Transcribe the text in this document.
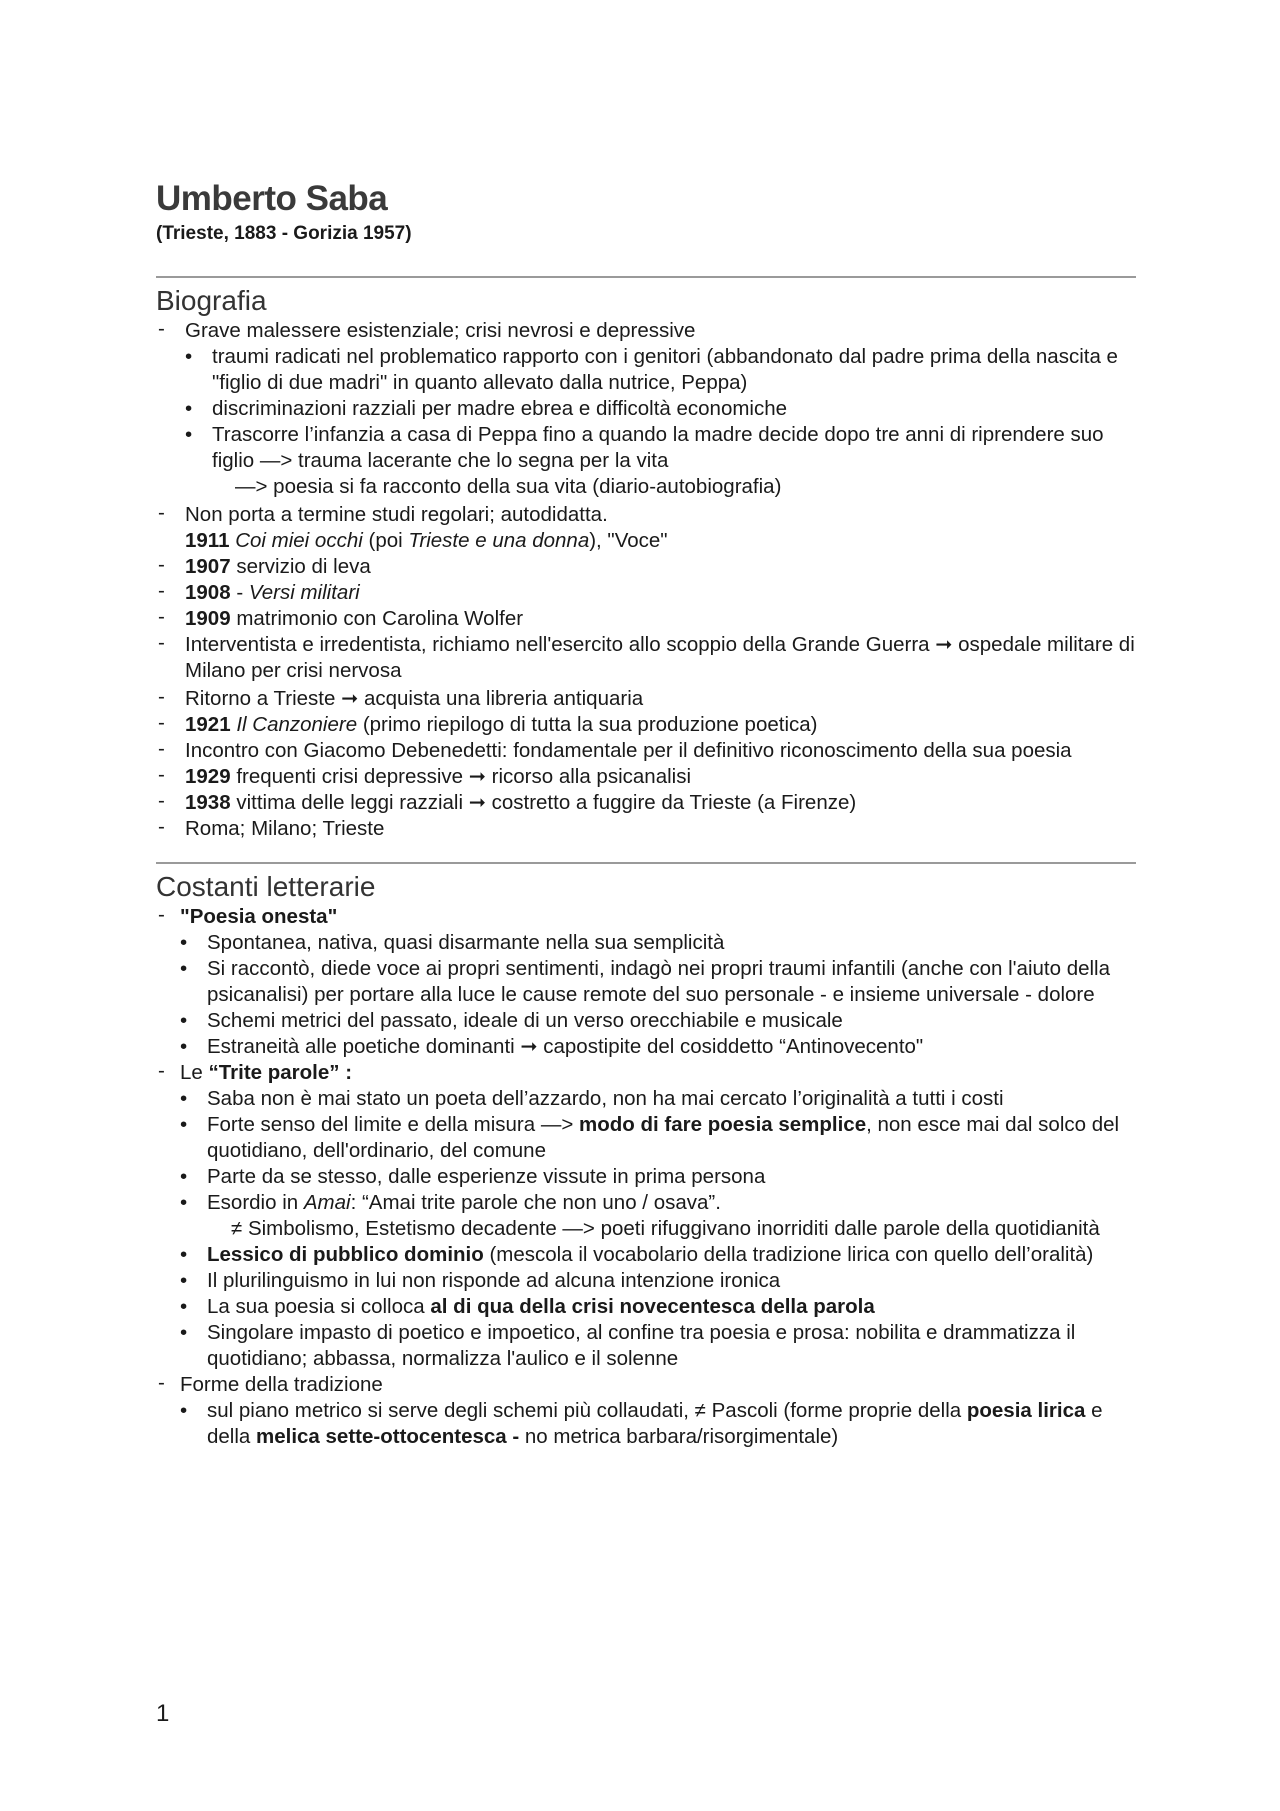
Umberto Saba
(Trieste, 1883 - Gorizia 1957)
Biografia
- Grave malessere esistenziale; crisi nevrosi e depressive
• traumi radicati nel problematico rapporto con i genitori (abbandonato dal padre prima della nascita e "figlio di due madri" in quanto allevato dalla nutrice, Peppa)
• discriminazioni razziali per madre ebrea e difficoltà economiche
• Trascorre l’infanzia a casa di Peppa fino a quando la madre decide dopo tre anni di riprendere suo figlio —> trauma lacerante che lo segna per la vita
—> poesia si fa racconto della sua vita (diario-autobiografia)
- Non porta a termine studi regolari; autodidatta.
1911 Coi miei occhi (poi Trieste e una donna), "Voce"
- 1907 servizio di leva
- 1908 - Versi militari
- 1909 matrimonio con Carolina Wolfer
- Interventista e irredentista, richiamo nell'esercito allo scoppio della Grande Guerra ➞ ospedale militare di Milano per crisi nervosa
- Ritorno a Trieste ➞ acquista una libreria antiquaria
- 1921 Il Canzoniere (primo riepilogo di tutta la sua produzione poetica)
- Incontro con Giacomo Debenedetti: fondamentale per il definitivo riconoscimento della sua poesia
- 1929 frequenti crisi depressive ➞ ricorso alla psicanalisi
- 1938 vittima delle leggi razziali ➞ costretto a fuggire da Trieste (a Firenze)
- Roma; Milano; Trieste
Costanti letterarie
- "Poesia onesta"
• Spontanea, nativa, quasi disarmante nella sua semplicità
• Si raccontò, diede voce ai propri sentimenti, indagò nei propri traumi infantili (anche con l'aiuto della psicanalisi) per portare alla luce le cause remote del suo personale - e insieme universale - dolore
• Schemi metrici del passato, ideale di un verso orecchiabile e musicale
• Estraneità alle poetiche dominanti ➞ capostipite del cosiddetto “Antinovecento"
- Le “Trite parole” :
• Saba non è mai stato un poeta dell’azzardo, non ha mai cercato l’originalità a tutti i costi
• Forte senso del limite e della misura —> modo di fare poesia semplice, non esce mai dal solco del quotidiano, dell'ordinario, del comune
• Parte da se stesso, dalle esperienze vissute in prima persona
• Esordio in Amai: “Amai trite parole che non uno / osava”.
≠ Simbolismo, Estetismo decadente —> poeti rifuggivano inorriditi dalle parole della quotidianità
• Lessico di pubblico dominio (mescola il vocabolario della tradizione lirica con quello dell’oralità)
• Il plurilinguismo in lui non risponde ad alcuna intenzione ironica
• La sua poesia si colloca al di qua della crisi novecentesca della parola
• Singolare impasto di poetico e impoetico, al confine tra poesia e prosa: nobilita e drammatizza il quotidiano; abbassa, normalizza l'aulico e il solenne
- Forme della tradizione
• sul piano metrico si serve degli schemi più collaudati, ≠ Pascoli (forme proprie della poesia lirica e della melica sette-ottocentesca - no metrica barbara/risorgimentale)
1
